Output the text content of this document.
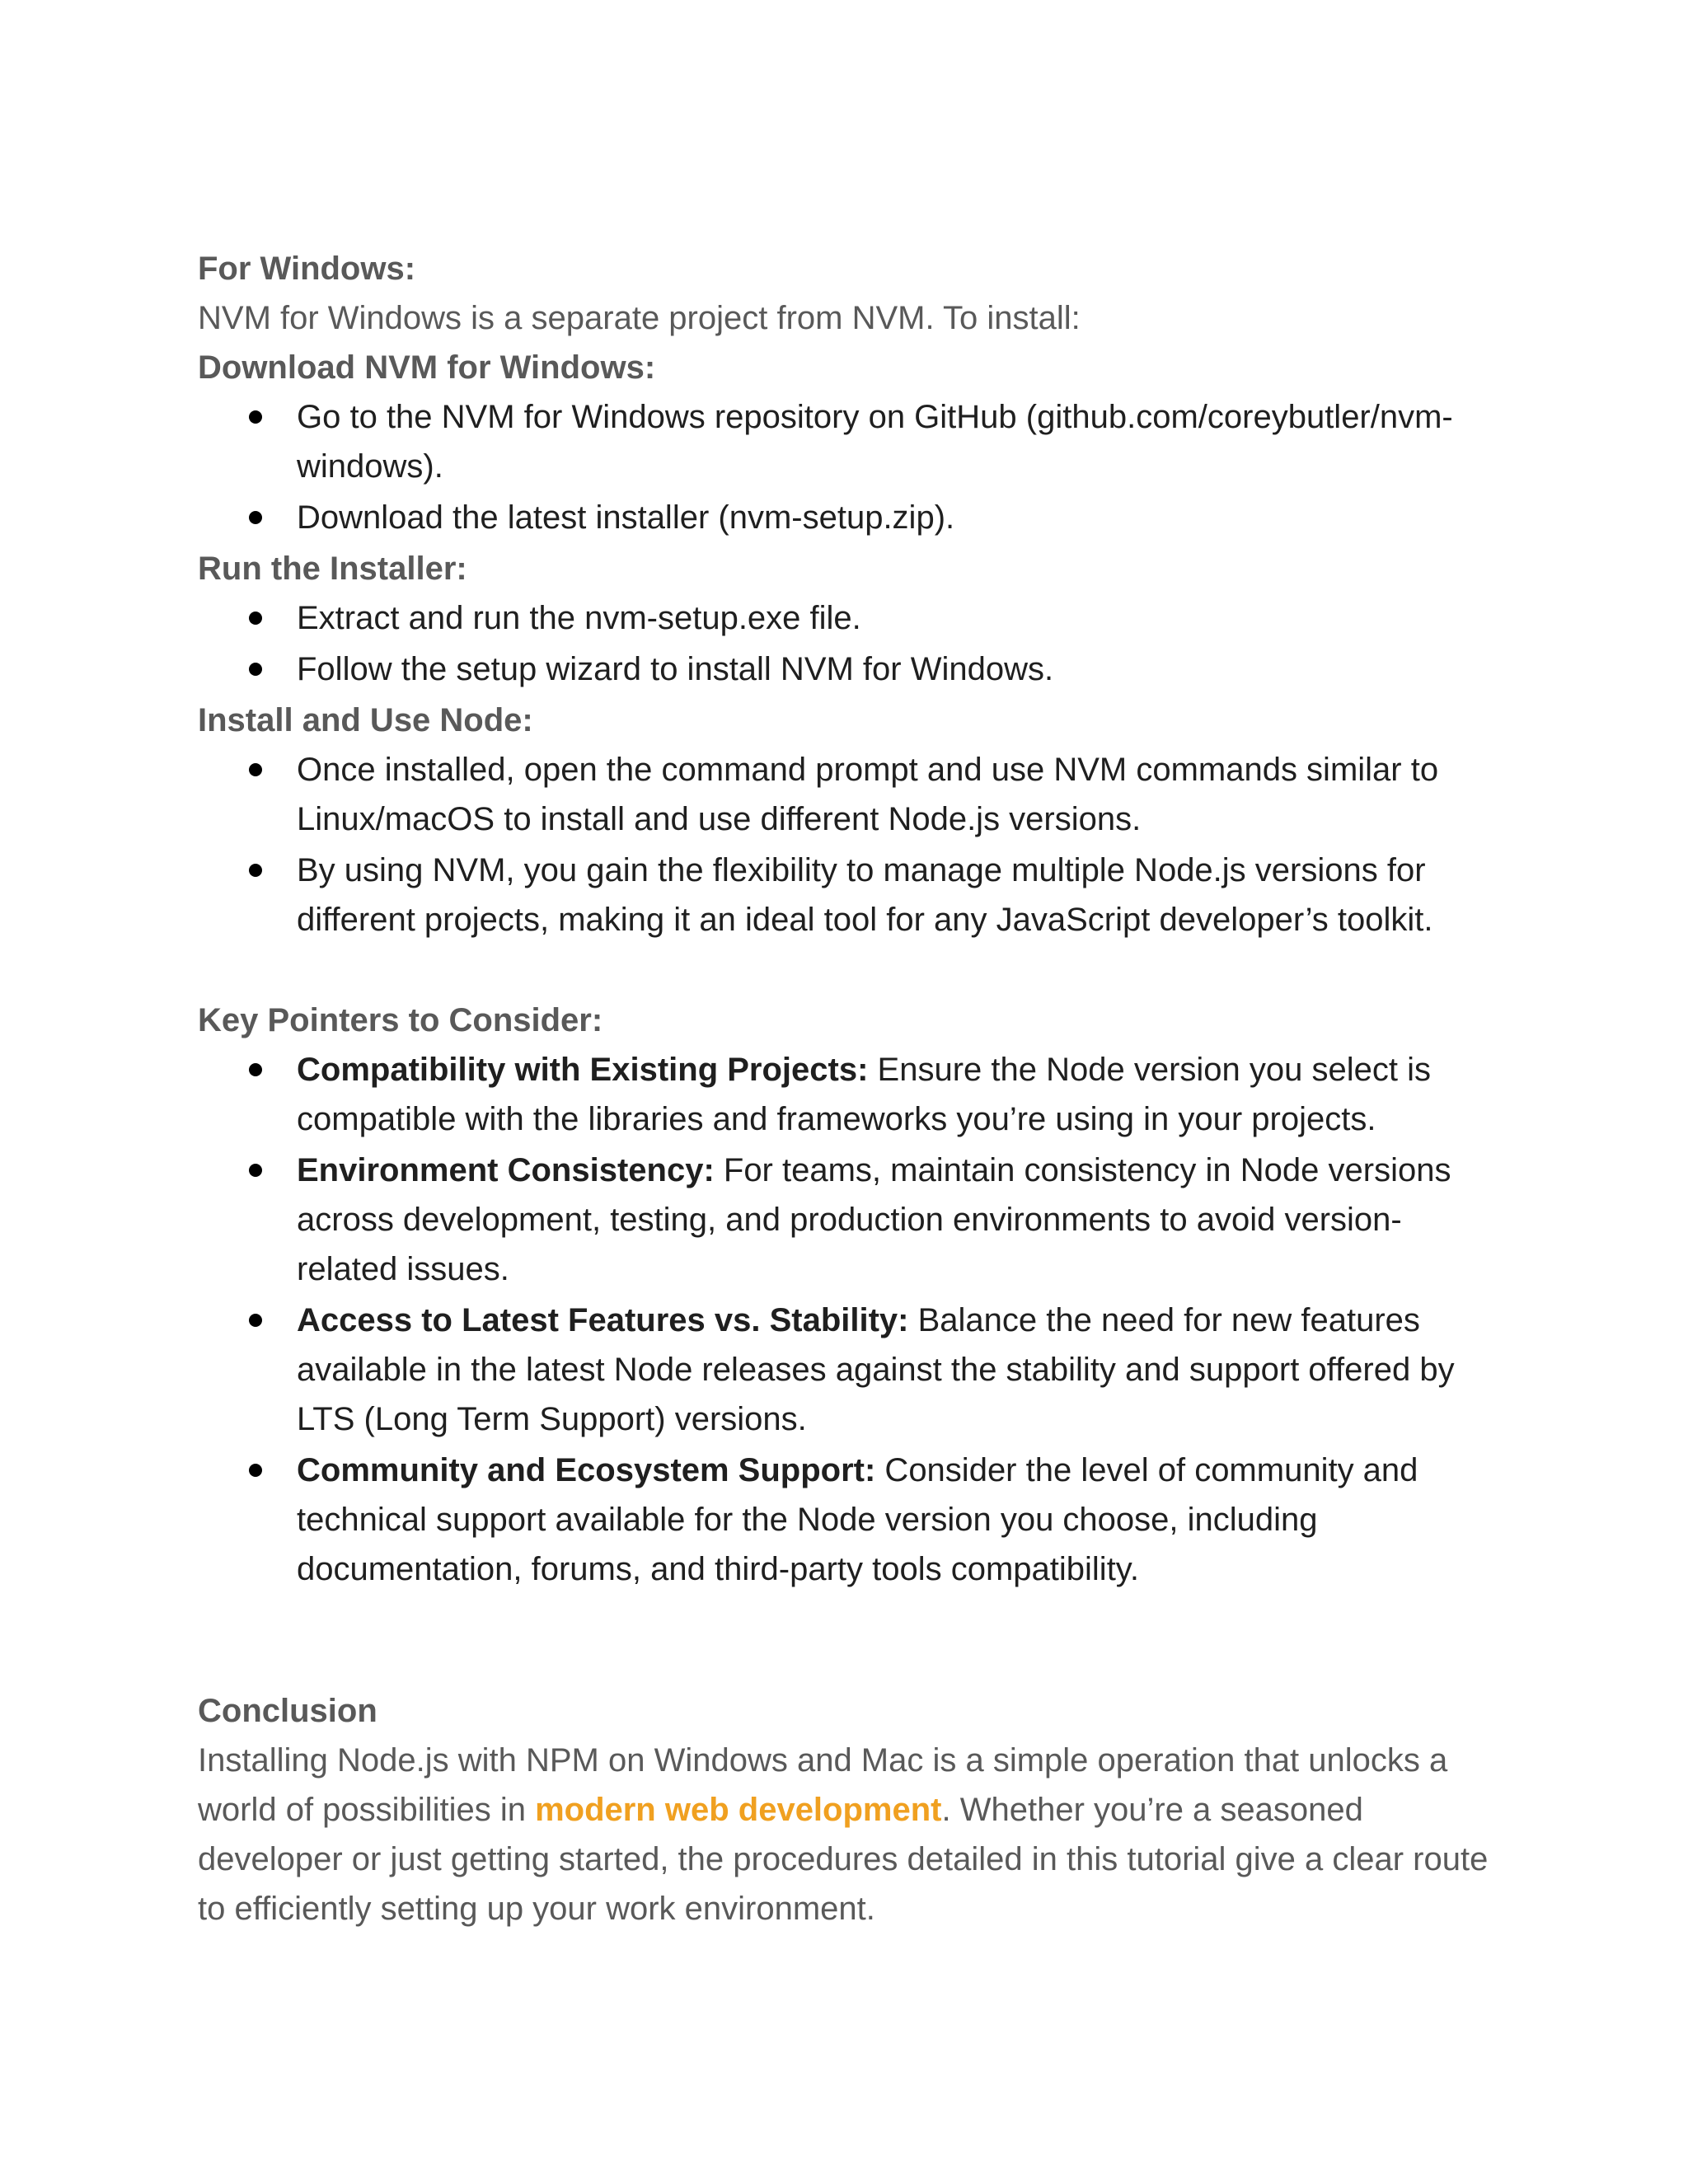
For Windows:
NVM for Windows is a separate project from NVM. To install:
Download NVM for Windows:
Go to the NVM for Windows repository on GitHub (github.com/coreybutler/nvm-windows).
Download the latest installer (nvm-setup.zip).
Run the Installer:
Extract and run the nvm-setup.exe file.
Follow the setup wizard to install NVM for Windows.
Install and Use Node:
Once installed, open the command prompt and use NVM commands similar to Linux/macOS to install and use different Node.js versions.
By using NVM, you gain the flexibility to manage multiple Node.js versions for different projects, making it an ideal tool for any JavaScript developer’s toolkit.
Key Pointers to Consider:
Compatibility with Existing Projects: Ensure the Node version you select is compatible with the libraries and frameworks you’re using in your projects.
Environment Consistency: For teams, maintain consistency in Node versions across development, testing, and production environments to avoid version-related issues.
Access to Latest Features vs. Stability: Balance the need for new features available in the latest Node releases against the stability and support offered by LTS (Long Term Support) versions.
Community and Ecosystem Support: Consider the level of community and technical support available for the Node version you choose, including documentation, forums, and third-party tools compatibility.
Conclusion
Installing Node.js with NPM on Windows and Mac is a simple operation that unlocks a world of possibilities in modern web development. Whether you’re a seasoned developer or just getting started, the procedures detailed in this tutorial give a clear route to efficiently setting up your work environment.
